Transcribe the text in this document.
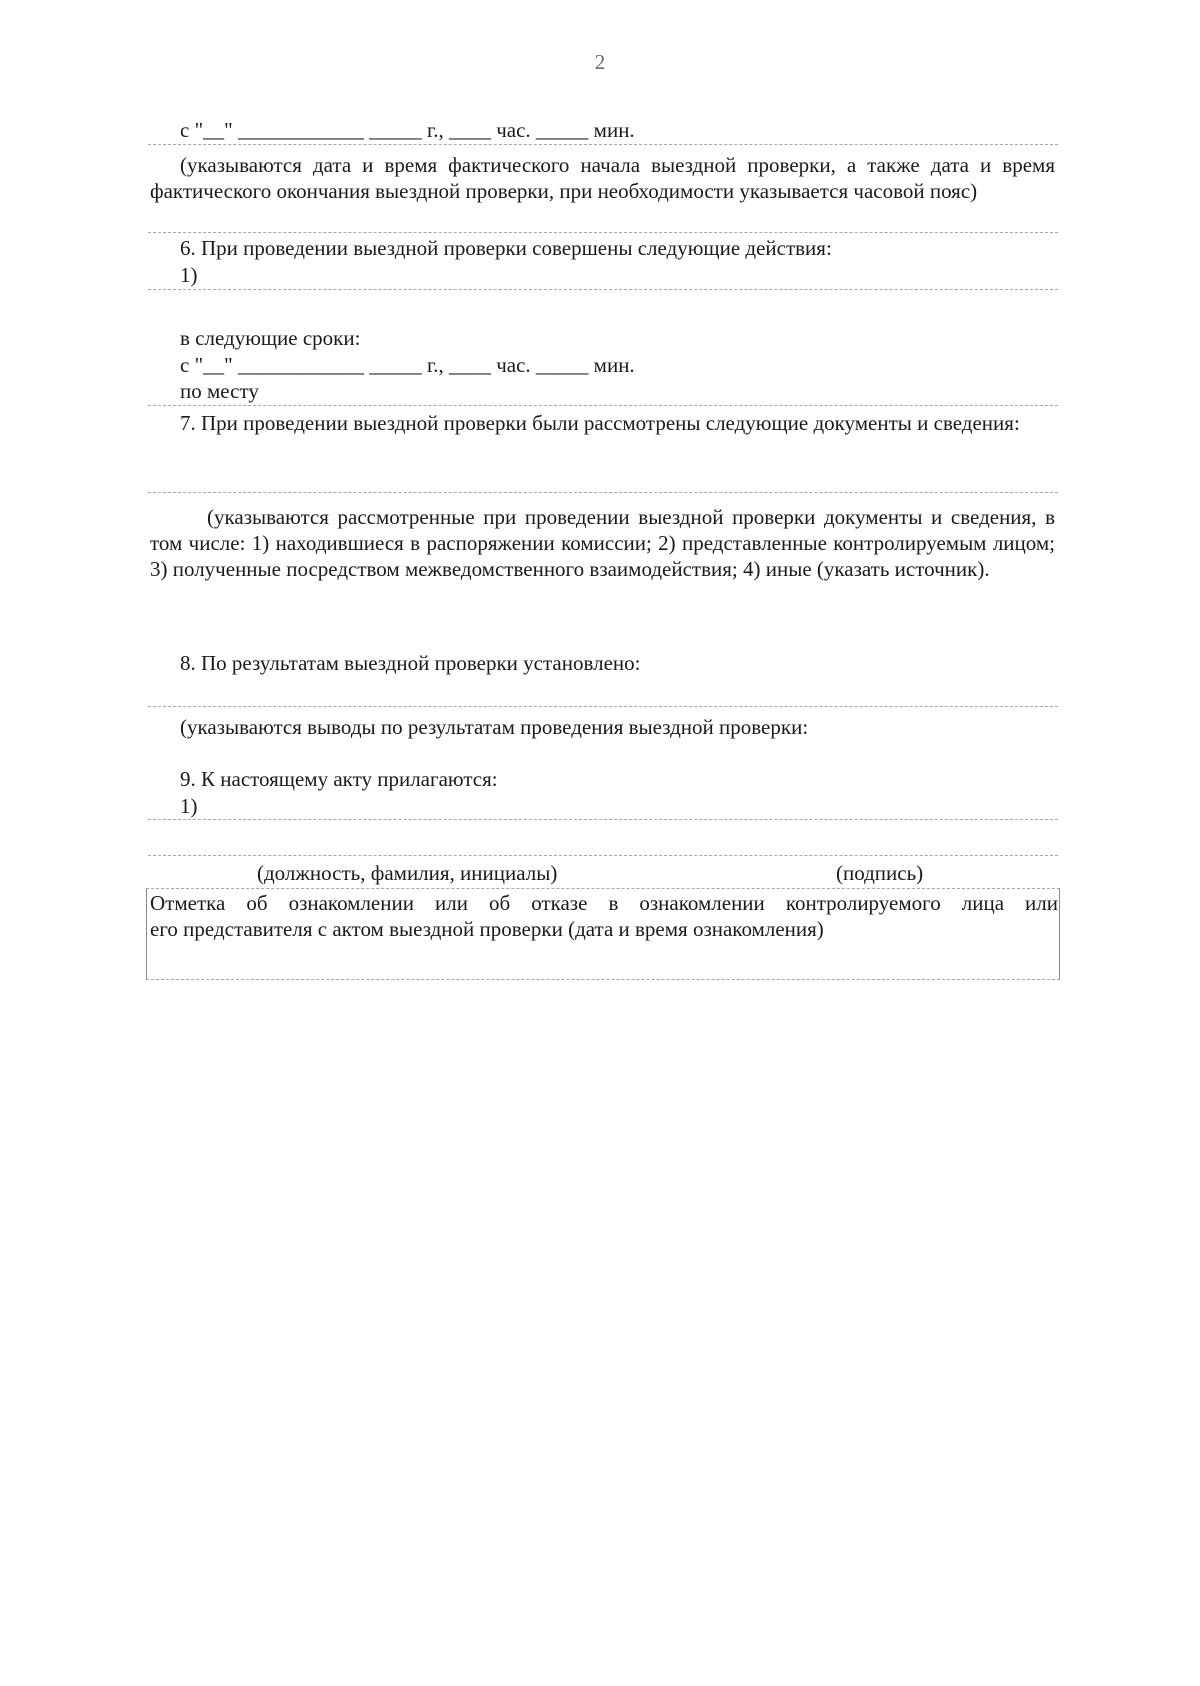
2
с "__" ____________ _____ г., ____ час. _____ мин.
(указываются дата и время фактического начала выездной проверки, а также дата и время фактического окончания выездной проверки, при необходимости указывается часовой пояс)
6. При проведении выездной проверки совершены следующие действия:
1)
в следующие сроки:
с "__" ____________ _____ г., ____ час. _____ мин.
по месту
7. При проведении выездной проверки были рассмотрены следующие документы и сведения:
(указываются рассмотренные при проведении выездной проверки документы и сведения, в том числе: 1) находившиеся в распоряжении комиссии; 2) представленные контролируемым лицом; 3) полученные посредством межведомственного взаимодействия; 4) иные (указать источник).
8. По результатам выездной проверки установлено:
(указываются выводы по результатам проведения выездной проверки:
9. К настоящему акту прилагаются:
1)
(должность, фамилия, инициалы)	(подпись)
Отметка об ознакомлении или об отказе в ознакомлении контролируемого лица или
его представителя с актом выездной проверки (дата и время ознакомления)
